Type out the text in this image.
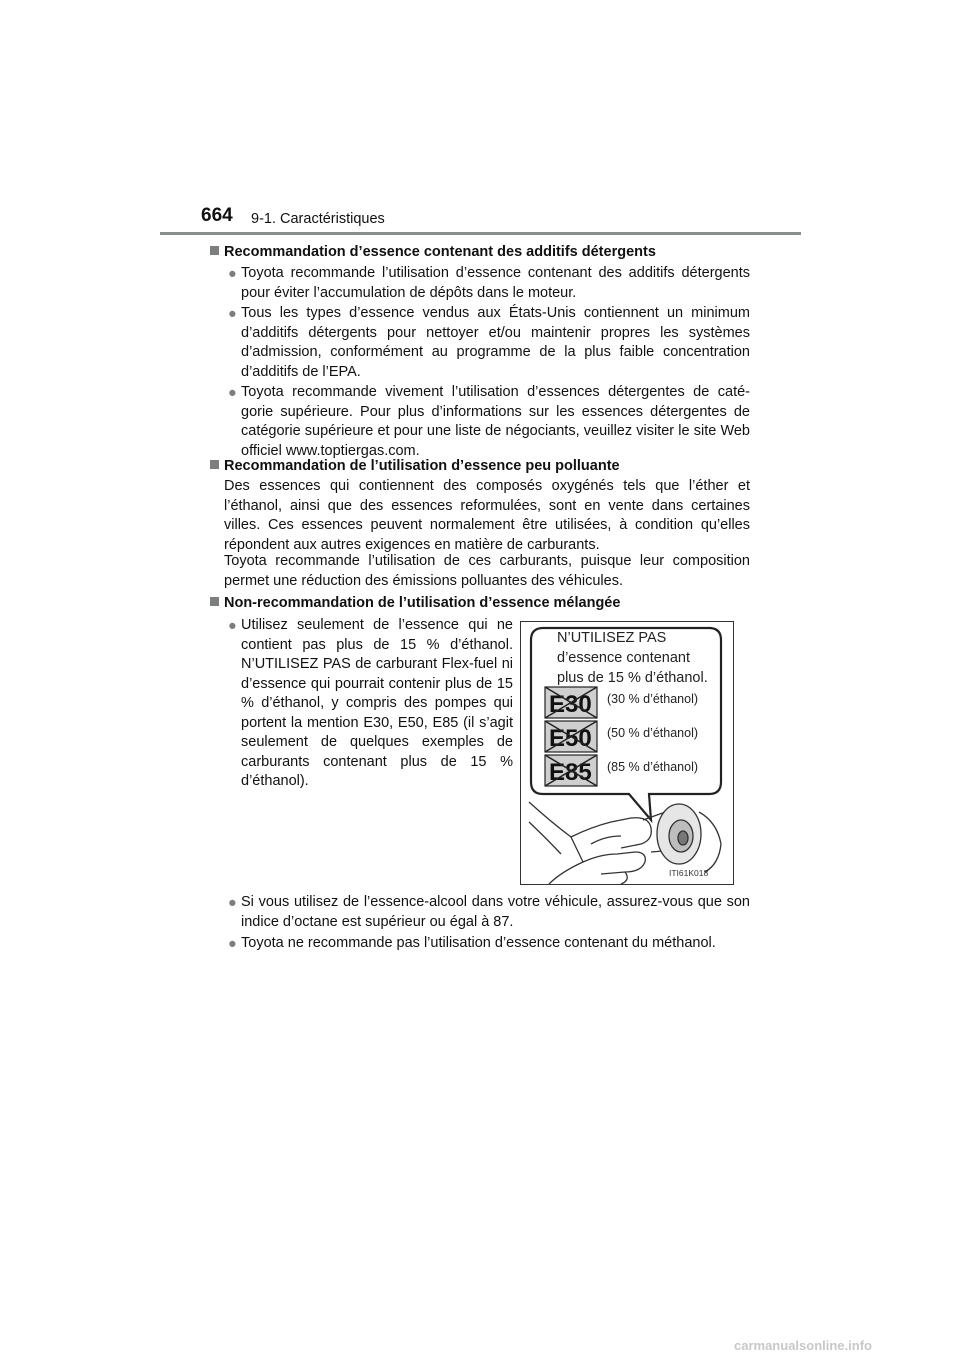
664 9-1. Caractéristiques
Recommandation d’essence contenant des additifs détergents
● Toyota recommande l’utilisation d’essence contenant des additifs détergents pour éviter l’accumulation de dépôts dans le moteur.
● Tous les types d’essence vendus aux États-Unis contiennent un minimum d’additifs détergents pour nettoyer et/ou maintenir propres les systèmes d’admission, conformément au programme de la plus faible concentration d’additifs de l’EPA.
● Toyota recommande vivement l’utilisation d’essences détergentes de caté-gorie supérieure. Pour plus d’informations sur les essences détergentes de catégorie supérieure et pour une liste de négociants, veuillez visiter le site Web officiel www.toptiergas.com.
Recommandation de l’utilisation d’essence peu polluante
Des essences qui contiennent des composés oxygénés tels que l’éther et l’éthanol, ainsi que des essences reformulées, sont en vente dans certaines villes. Ces essences peuvent normalement être utilisées, à condition qu’elles répondent aux autres exigences en matière de carburants.
Toyota recommande l’utilisation de ces carburants, puisque leur composition permet une réduction des émissions polluantes des véhicules.
Non-recommandation de l’utilisation d’essence mélangée
● Utilisez seulement de l’essence qui ne contient pas plus de 15 % d’éthanol. N’UTILISEZ PAS de carburant Flex-fuel ni d’essence qui pourrait contenir plus de 15 % d’éthanol, y compris des pompes qui portent la mention E30, E50, E85 (il s’agit seulement de quelques exemples de carburants contenant plus de 15 % d’éthanol).
N’UTILISEZ PAS
d’essence contenant
plus de 15 % d’éthanol.
E30 (30 % d’éthanol)
E50 (50 % d’éthanol)
E85 (85 % d’éthanol)
ITI61K018
● Si vous utilisez de l’essence-alcool dans votre véhicule, assurez-vous que son indice d’octane est supérieur ou égal à 87.
● Toyota ne recommande pas l’utilisation d’essence contenant du méthanol.
carmanualsonline.info
